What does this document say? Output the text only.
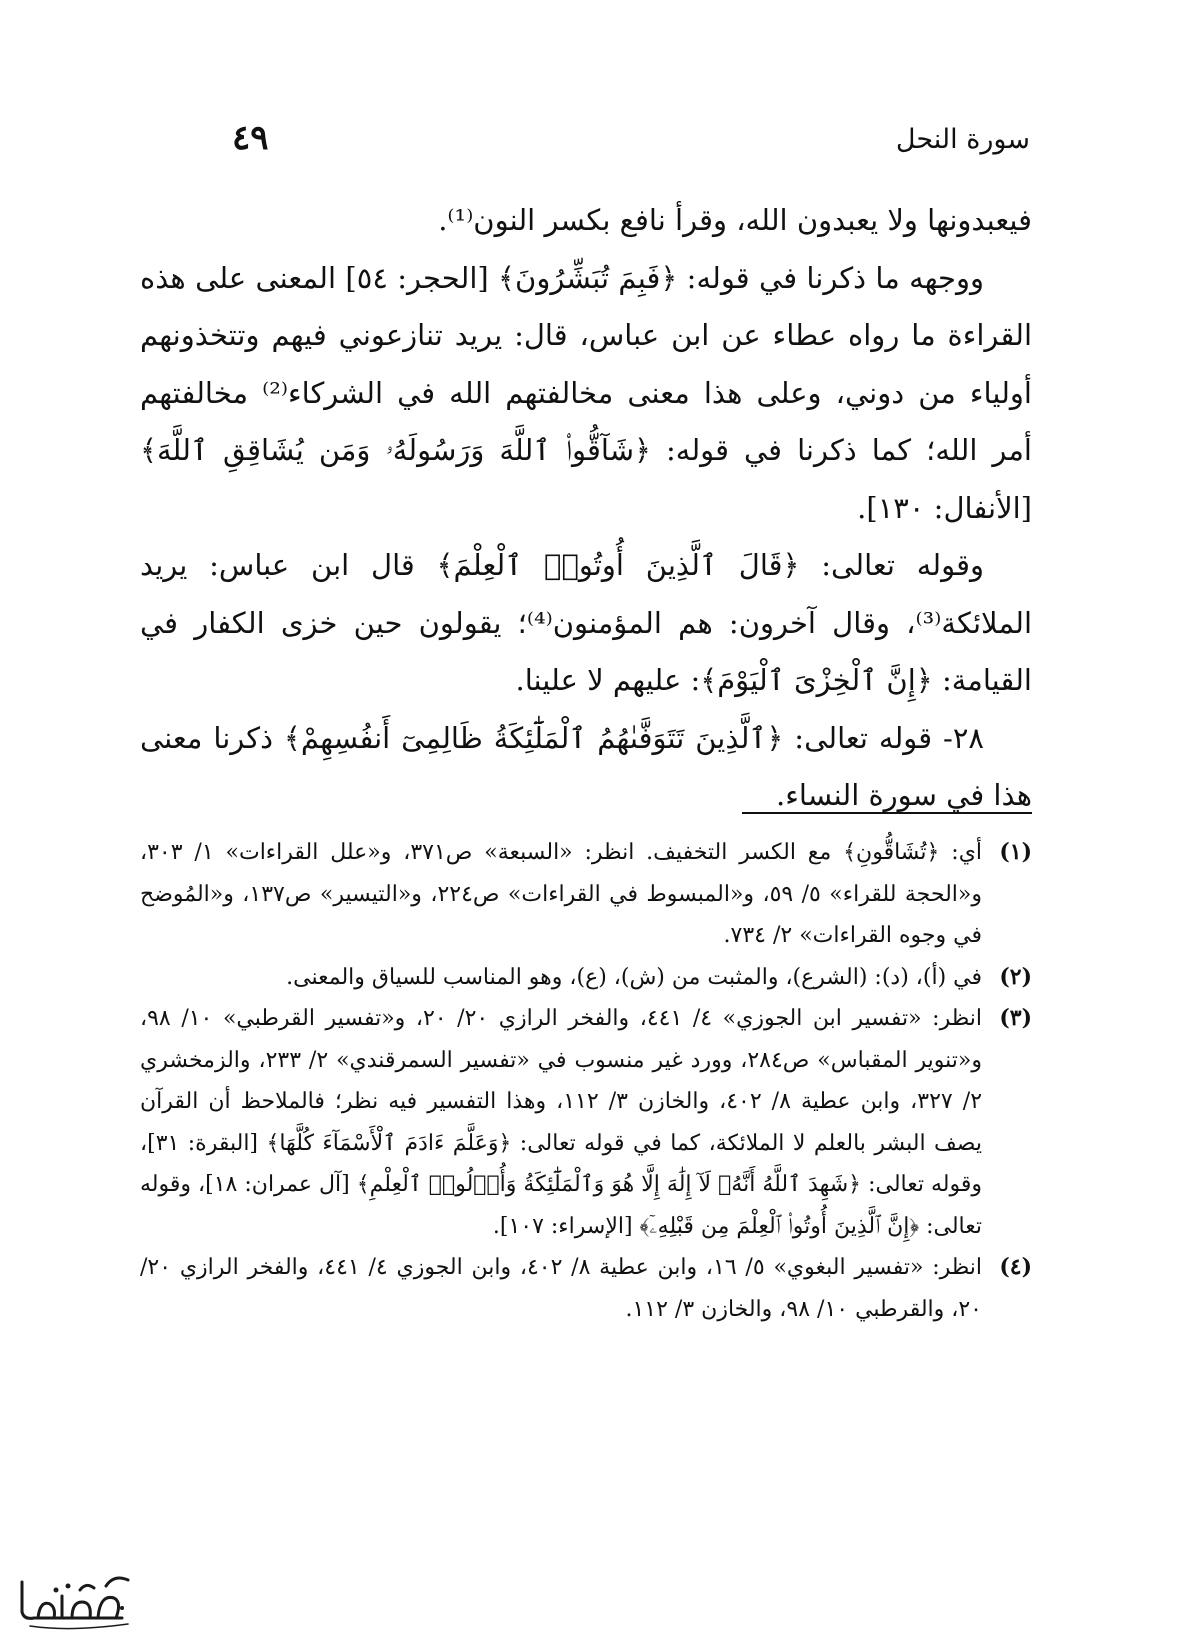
سورة النحل
٤٩

فيعبدونها ولا يعبدون الله، وقرأ نافع بكسر النون⁽¹⁾.

ووجهه ما ذكرنا في قوله: ﴿فَبِمَ تُبَشِّرُونَ﴾ [الحجر: ٥٤] المعنى على هذه القراءة ما رواه عطاء عن ابن عباس، قال: يريد تنازعوني فيهم وتتخذونهم أولياء من دوني، وعلى هذا معنى مخالفتهم الله في الشركاء⁽²⁾ مخالفتهم أمر الله؛ كما ذكرنا في قوله: ﴿شَآقُّوا۟ ٱللَّهَ وَرَسُولَهُۥ وَمَن يُشَاقِقِ ٱللَّهَ﴾ [الأنفال: ١٣٠].

وقوله تعالى: ﴿قَالَ ٱلَّذِينَ أُوتُوا۟ ٱلْعِلْمَ﴾ قال ابن عباس: يريد الملائكة⁽³⁾، وقال آخرون: هم المؤمنون⁽⁴⁾؛ يقولون حين خزى الكفار في القيامة: ﴿إِنَّ ٱلْخِزْىَ ٱلْيَوْمَ﴾: عليهم لا علينا.

٢٨- قوله تعالى: ﴿ٱلَّذِينَ تَتَوَفَّىٰهُمُ ٱلْمَلَٰٓئِكَةُ ظَالِمِىٓ أَنفُسِهِمْ﴾ ذكرنا معنى هذا في سورة النساء.

(١)
أي: ﴿تُشَاقُّونِ﴾ مع الكسر التخفيف. انظر: «السبعة» ص٣٧١، و«علل القراءات» ١/ ٣٠٣، و«الحجة للقراء» ٥/ ٥٩، و«المبسوط في القراءات» ص٢٢٤، و«التيسير» ص١٣٧، و«المُوضح في وجوه القراءات» ٢/ ٧٣٤.
(٢)
في (أ)، (د): (الشرع)، والمثبت من (ش)، (ع)، وهو المناسب للسياق والمعنى.
(٣)
انظر: «تفسير ابن الجوزي» ٤/ ٤٤١، والفخر الرازي ٢٠/ ٢٠، و«تفسير القرطبي» ١٠/ ٩٨، و«تنوير المقباس» ص٢٨٤، وورد غير منسوب في «تفسير السمرقندي» ٢/ ٢٣٣، والزمخشري ٢/ ٣٢٧، وابن عطية ٨/ ٤٠٢، والخازن ٣/ ١١٢، وهذا التفسير فيه نظر؛ فالملاحظ أن القرآن يصف البشر بالعلم لا الملائكة، كما في قوله تعالى: ﴿وَعَلَّمَ ءَادَمَ ٱلْأَسْمَآءَ كُلَّهَا﴾ [البقرة: ٣١]، وقوله تعالى: ﴿شَهِدَ ٱللَّهُ أَنَّهُۥ لَآ إِلَٰهَ إِلَّا هُوَ وَٱلْمَلَٰٓئِكَةُ وَأُو۟لُوا۟ ٱلْعِلْمِ﴾ [آل عمران: ١٨]، وقوله تعالى: ﴿إِنَّ ٱلَّذِينَ أُوتُوا۟ ٱلْعِلْمَ مِن قَبْلِهِۦٓ﴾ [الإسراء: ١٠٧].
(٤)
انظر: «تفسير البغوي» ٥/ ١٦، وابن عطية ٨/ ٤٠٢، وابن الجوزي ٤/ ٤٤١، والفخر الرازي ٢٠/ ٢٠، والقرطبي ١٠/ ٩٨، والخازن ٣/ ١١٢.
